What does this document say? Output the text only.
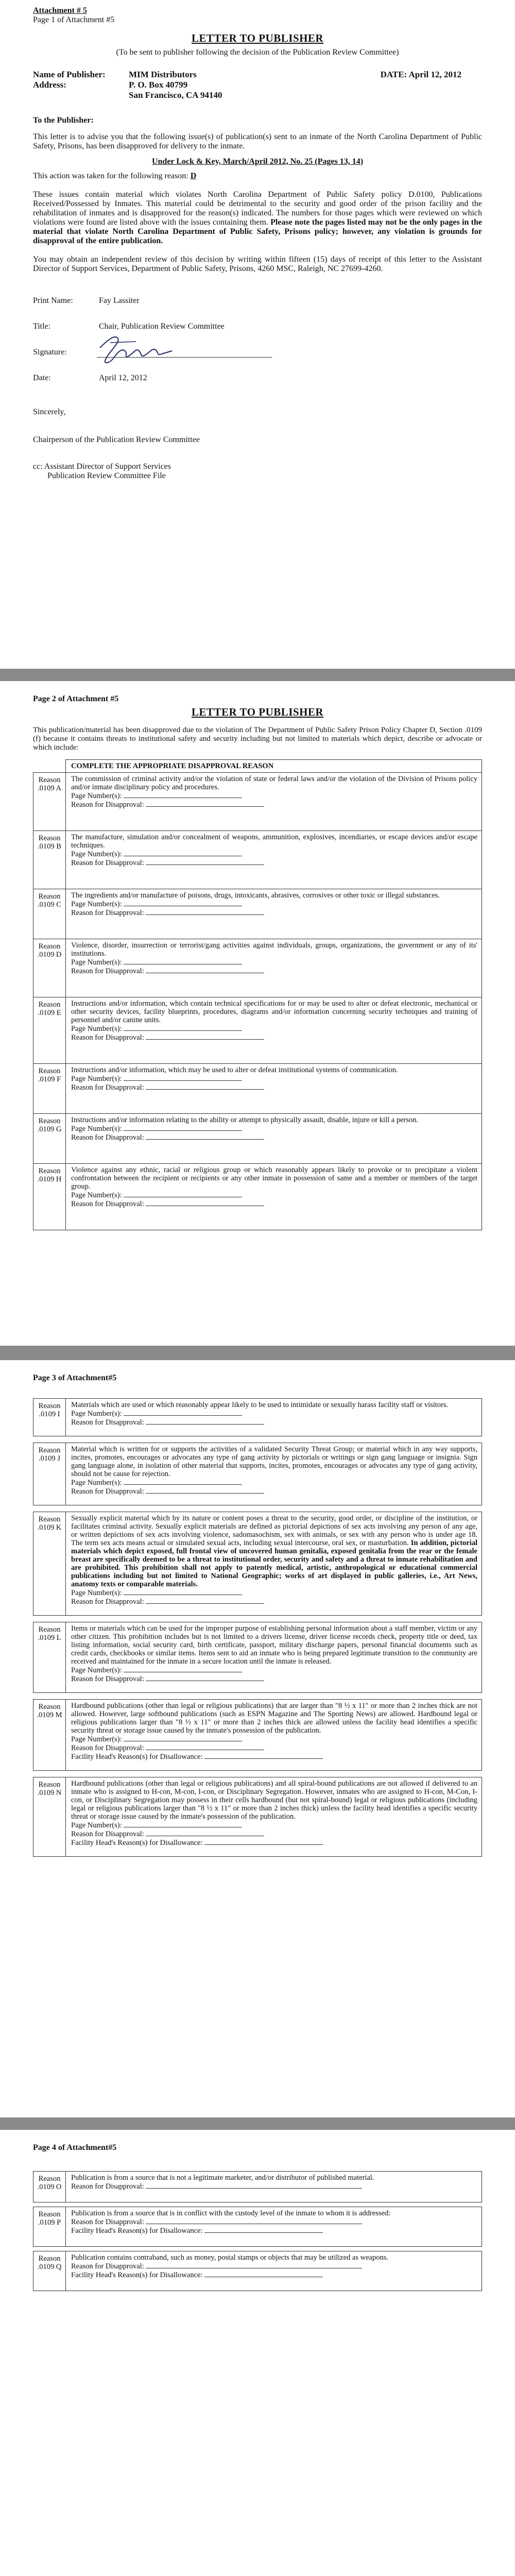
Attachment # 5
Page 1 of Attachment #5
LETTER TO PUBLISHER
(To be sent to publisher following the decision of the Publication Review Committee)
Name of Publisher:	MIM Distributors
Address:	P. O. Box 40799
San Francisco, CA 94140
DATE: April 12, 2012

To the Publisher:

This letter is to advise you that the following issue(s) of publication(s) sent to an inmate of the North Carolina Department of Public Safety, Prisons, has been disapproved for delivery to the inmate.

Under Lock & Key, March/April 2012, No. 25 (Pages 13, 14)

This action was taken for the following reason: D

These issues contain material which violates North Carolina Department of Public Safety policy D.0100, Publications Received/Possessed by Inmates. This material could be detrimental to the security and good order of the prison facility and the rehabilitation of inmates and is disapproved for the reason(s) indicated. The numbers for those pages which were reviewed on which violations were found are listed above with the issues containing them. Please note the pages listed may not be the only pages in the material that violate North Carolina Department of Public Safety, Prisons policy; however, any violation is grounds for disapproval of the entire publication.

You may obtain an independent review of this decision by writing within fifteen (15) days of receipt of this letter to the Assistant Director of Support Services, Department of Public Safety, Prisons, 4260 MSC, Raleigh, NC 27699-4260.

Print Name:	Fay Lassiter
Title:	Chair, Publication Review Committee
Signature:
Date:	April 12, 2012

Sincerely,

Chairperson of the Publication Review Committee

cc: Assistant Director of Support Services

Publication Review Committee File

Page 2 of Attachment #5
LETTER TO PUBLISHER

This publication/material has been disapproved due to the violation of The Department of Public Safety Prison Policy Chapter D, Section .0109 (f) because it contains threats to institutional safety and security including but not limited to materials which depict, describe or advocate or which include:

	COMPLETE THE APPROPRIATE DISAPPROVAL REASON
Reason .0109 A	The commission of criminal activity and/or the violation of state or federal laws and/or the violation of the Division of Prisons policy and/or inmate disciplinary policy and procedures.
Page Number(s):
Reason for Disapproval:

Reason .0109 B	The manufacture, simulation and/or concealment of weapons, ammunition, explosives, incendiaries, or escape devices and/or escape techniques.
Page Number(s):
Reason for Disapproval:

Reason .0109 C	The ingredients and/or manufacture of poisons, drugs, intoxicants, abrasives, corrosives or other toxic or illegal substances.
Page Number(s):
Reason for Disapproval:

Reason .0109 D	Violence, disorder, insurrection or terrorist/gang activities against individuals, groups, organizations, the government or any of its' institutions.
Page Number(s):
Reason for Disapproval:

Reason .0109 E	Instructions and/or information, which contain technical specifications for or may be used to alter or defeat electronic, mechanical or other security devices, facility blueprints, procedures, diagrams and/or information concerning security techniques and training of personnel and/or canine units.
Page Number(s):
Reason for Disapproval:

Reason .0109 F	Instructions and/or information, which may be used to alter or defeat institutional systems of communication.
Page Number(s):
Reason for Disapproval:

Reason .0109 G	Instructions and/or information relating to the ability or attempt to physically assault, disable, injure or kill a person.
Page Number(s):
Reason for Disapproval:

Reason .0109 H	Violence against any ethnic, racial or religious group or which reasonably appears likely to provoke or to precipitate a violent confrontation between the recipient or recipients or any other inmate in possession of same and a member or members of the target group.
Page Number(s):
Reason for Disapproval:
Page 3 of Attachment#5
Reason .0109 I	Materials which are used or which reasonably appear likely to be used to intimidate or sexually harass facility staff or visitors.
Page Number(s):
Reason for Disapproval:

Reason .0109 J	Material which is written for or supports the activities of a validated Security Threat Group; or material which in any way supports, incites, promotes, encourages or advocates any type of gang activity by pictorials or writings or sign gang language or insignia. Sign gang language alone, in isolation of other material that supports, incites, promotes, encourages or advocates any type of gang activity, should not be cause for rejection.
Page Number(s):
Reason for Disapproval:

Reason .0109 K	Sexually explicit material which by its nature or content poses a threat to the security, good order, or discipline of the institution, or facilitates criminal activity. Sexually explicit materials are defined as pictorial depictions of sex acts involving any person of any age, or written depictions of sex acts involving violence, sadomasochism, sex with animals, or sex with any person who is under age 18. The term sex acts means actual or simulated sexual acts, including sexual intercourse, oral sex, or masturbation. In addition, pictorial materials which depict exposed, full frontal view of uncovered human genitalia, exposed genitalia from the rear or the female breast are specifically deemed to be a threat to institutional order, security and safety and a threat to inmate rehabilitation and are prohibited. This prohibition shall not apply to patently medical, artistic, anthropological or educational commercial publications including but not limited to National Geographic; works of art displayed in public galleries, i.e., Art News, anatomy texts or comparable materials.
Page Number(s):
Reason for Disapproval:

Reason .0109 L	Items or materials which can be used for the improper purpose of establishing personal information about a staff member, victim or any other citizen. This prohibition includes but is not limited to a drivers license, driver license records check, property title or deed, tax listing information, social security card, birth certificate, passport, military discharge papers, personal financial documents such as credit cards, checkbooks or similar items. Items sent to aid an inmate who is being prepared legitimate transition to the community are received and maintained for the inmate in a secure location until the inmate is released.
Page Number(s):
Reason for Disapproval:

Reason .0109 M	Hardbound publications (other than legal or religious publications) that are larger than "8 ½ x 11" or more than 2 inches thick are not allowed. However, large softbound publications (such as ESPN Magazine and The Sporting News) are allowed. Hardbound legal or religious publications larger than "8 ½ x 11" or more than 2 inches thick are allowed unless the facility head identifies a specific security threat or storage issue caused by the inmate's possession of the publication.
Page Number(s):
Reason for Disapproval:
Facility Head's Reason(s) for Disallowance:

Reason .0109 N	Hardbound publications (other than legal or religious publications) and all spiral-bound publications are not allowed if delivered to an inmate who is assigned to H-con, M-con, I-con, or Disciplinary Segregation. However, inmates who are assigned to H-con, M-Con, I-con, or Disciplinary Segregation may possess in their cells hardbound (but not spiral-bound) legal or religious publications (including legal or religious publications larger than "8 ½ x 11" or more than 2 inches thick) unless the facility head identifies a specific security threat or storage issue caused by the inmate's possession of the publication.
Page Number(s):
Reason for Disapproval:
Facility Head's Reason(s) for Disallowance:

Page 4 of Attachment#5
Reason .0109 O	Publication is from a source that is not a legitimate marketer, and/or distributor of published material.
Reason for Disapproval:

Reason .0109 P	Publication is from a source that is in conflict with the custody level of the inmate to whom it is addressed:
Reason for Disapproval:
Facility Head's Reason(s) for Disallowance:

Reason .0109 Q	Publication contains contraband, such as money, postal stamps or objects that may be utilized as weapons.
Reason for Disapproval:
Facility Head's Reason(s) for Disallowance:
